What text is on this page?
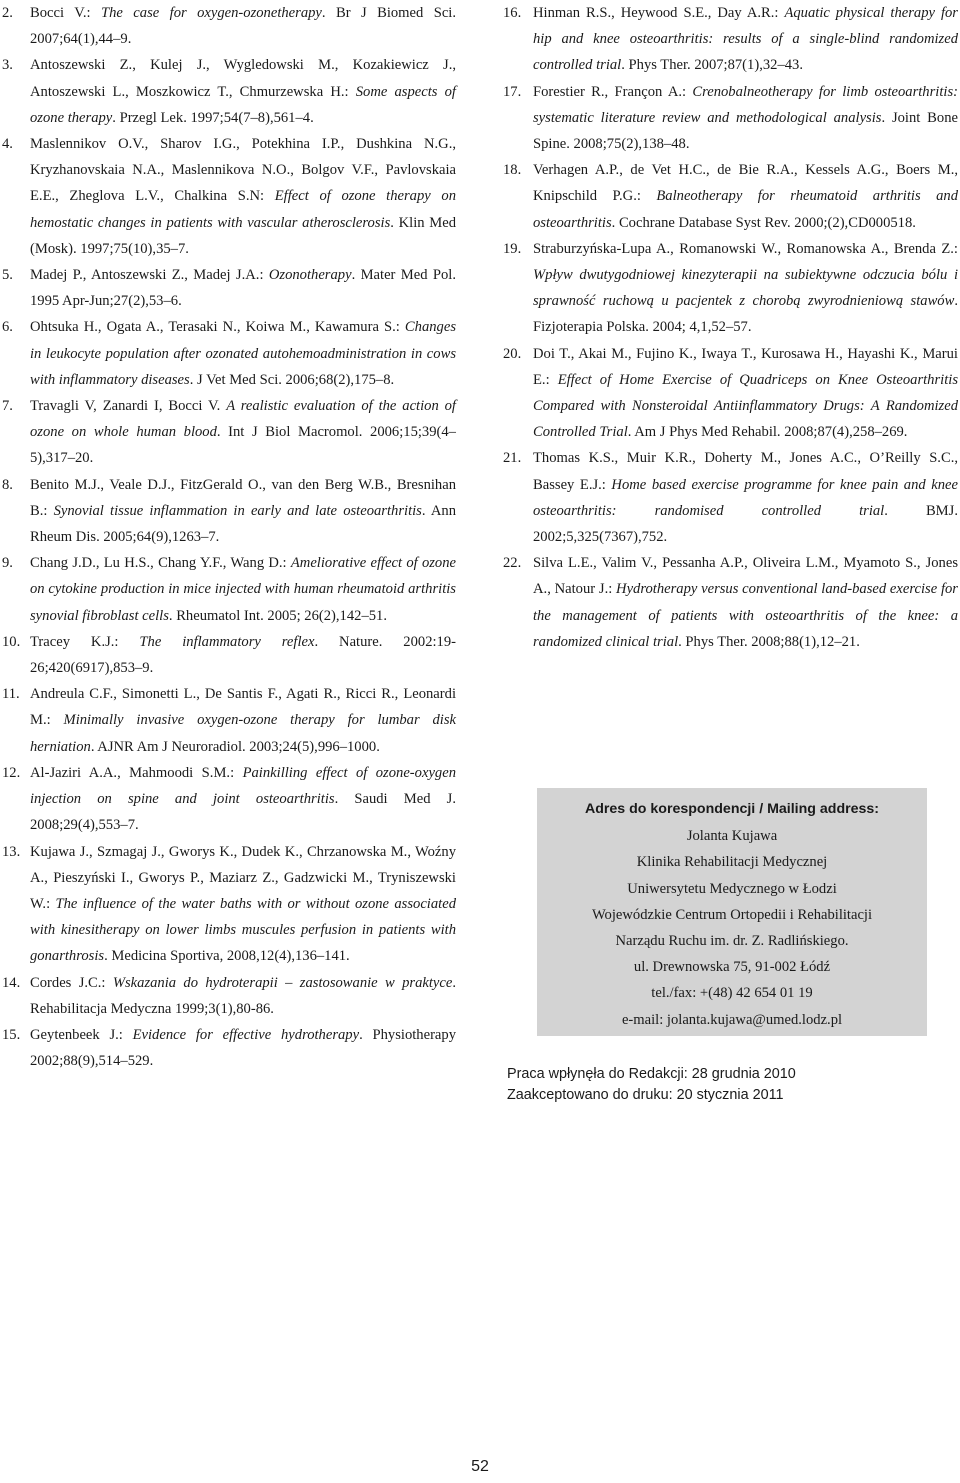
2.	Bocci V.: The case for oxygen-ozonetherapy. Br J Biomed Sci. 2007;64(1),44–9.
3.	Antoszewski Z., Kulej J., Wygledowski M., Kozakiewicz J., Antoszewski L., Moszkowicz T., Chmurzewska H.: Some aspects of ozone therapy. Przegl Lek. 1997;54(7–8),561–4.
4.	Maslennikov O.V., Sharov I.G., Potekhina I.P., Dushkina N.G., Kryzhanovskaia N.A., Maslennikova N.O., Bolgov V.F., Pavlovskaia E.E., Zheglova L.V., Chalkina S.N: Effect of ozone therapy on hemostatic changes in patients with vascular atherosclerosis. Klin Med (Mosk). 1997;75(10),35–7.
5.	Madej P., Antoszewski Z., Madej J.A.: Ozonotherapy. Mater Med Pol. 1995 Apr-Jun;27(2),53–6.
6.	Ohtsuka H., Ogata A., Terasaki N., Koiwa M., Kawamura S.: Changes in leukocyte population after ozonated autohemoadministration in cows with inflammatory diseases. J Vet Med Sci. 2006;68(2),175–8.
7.	Travagli V, Zanardi I, Bocci V. A realistic evaluation of the action of ozone on whole human blood. Int J Biol Macromol. 2006;15;39(4–5),317–20.
8.	Benito M.J., Veale D.J., FitzGerald O., van den Berg W.B., Bresnihan B.: Synovial tissue inflammation in early and late osteoarthritis. Ann Rheum Dis. 2005;64(9),1263–7.
9.	Chang J.D., Lu H.S., Chang Y.F., Wang D.: Ameliorative effect of ozone on cytokine production in mice injected with human rheumatoid arthritis synovial fibroblast cells. Rheumatol Int. 2005; 26(2),142–51.
10. Tracey K.J.: The inflammatory reflex. Nature. 2002:19-26;420(6917),853–9.
11. Andreula C.F., Simonetti L., De Santis F., Agati R., Ricci R., Leonardi M.: Minimally invasive oxygen-ozone therapy for lumbar disk herniation. AJNR Am J Neuroradiol. 2003;24(5),996–1000.
12. Al-Jaziri A.A., Mahmoodi S.M.: Painkilling effect of ozone-oxygen injection on spine and joint osteoarthritis. Saudi Med J. 2008;29(4),553–7.
13. Kujawa J., Szmagaj J., Gworys K., Dudek K., Chrzanowska M., Woźny A., Pieszyński I., Gworys P., Maziarz Z., Gadzwicki M., Tryniszewski W.: The influence of the water baths with or without ozone associated with kinesitherapy on lower limbs muscules perfusion in patients with gonarthrosis. Medicina Sportiva, 2008,12(4),136–141.
14. Cordes J.C.: Wskazania do hydroterapii – zastosowanie w praktyce. Rehabilitacja Medyczna 1999;3(1),80-86.
15. Geytenbeek J.: Evidence for effective hydrotherapy. Physiotherapy 2002;88(9),514–529.
16. Hinman R.S., Heywood S.E., Day A.R.: Aquatic physical therapy for hip and knee osteoarthritis: results of a single-blind randomized controlled trial. Phys Ther. 2007;87(1),32–43.
17. Forestier R., Françon A.: Crenobalneotherapy for limb osteoarthritis: systematic literature review and methodological analysis. Joint Bone Spine. 2008;75(2),138–48.
18. Verhagen A.P., de Vet H.C., de Bie R.A., Kessels A.G., Boers M., Knipschild P.G.: Balneotherapy for rheumatoid arthritis and osteoarthritis. Cochrane Database Syst Rev. 2000;(2),CD000518.
19. Straburzyńska-Lupa A., Romanowski W., Romanowska A., Brenda Z.: Wpływ dwutygodniowej kinezyterapii na subiektywne odczucia bólu i sprawność ruchową u pacjentek z chorobą zwyrodnieniową stawów. Fizjoterapia Polska. 2004; 4,1,52–57.
20. Doi T., Akai M., Fujino K., Iwaya T., Kurosawa H., Hayashi K., Marui E.: Effect of Home Exercise of Quadriceps on Knee Osteoarthritis Compared with Nonsteroidal Antiinflammatory Drugs: A Randomized Controlled Trial. Am J Phys Med Rehabil. 2008;87(4),258–269.
21. Thomas K.S., Muir K.R., Doherty M., Jones A.C., O’Reilly S.C., Bassey E.J.: Home based exercise programme for knee pain and knee osteoarthritis: randomised controlled trial. BMJ. 2002;5,325(7367),752.
22. Silva L.E., Valim V., Pessanha A.P., Oliveira L.M., Myamoto S., Jones A., Natour J.: Hydrotherapy versus conventional land-based exercise for the management of patients with osteoarthritis of the knee: a randomized clinical trial. Phys Ther. 2008;88(1),12–21.
Adres do korespondencji / Mailing address:
Jolanta Kujawa
Klinika Rehabilitacji Medycznej
Uniwersytetu Medycznego w Łodzi
Wojewódzkie Centrum Ortopedii i Rehabilitacji
Narządu Ruchu im. dr. Z. Radlińskiego.
ul. Drewnowska 75, 91-002 Łódź
tel./fax: +(48) 42 654 01 19
e-mail: jolanta.kujawa@umed.lodz.pl
Praca wpłynęła do Redakcji: 28 grudnia 2010
Zaakceptowano do druku: 20 stycznia 2011
52
